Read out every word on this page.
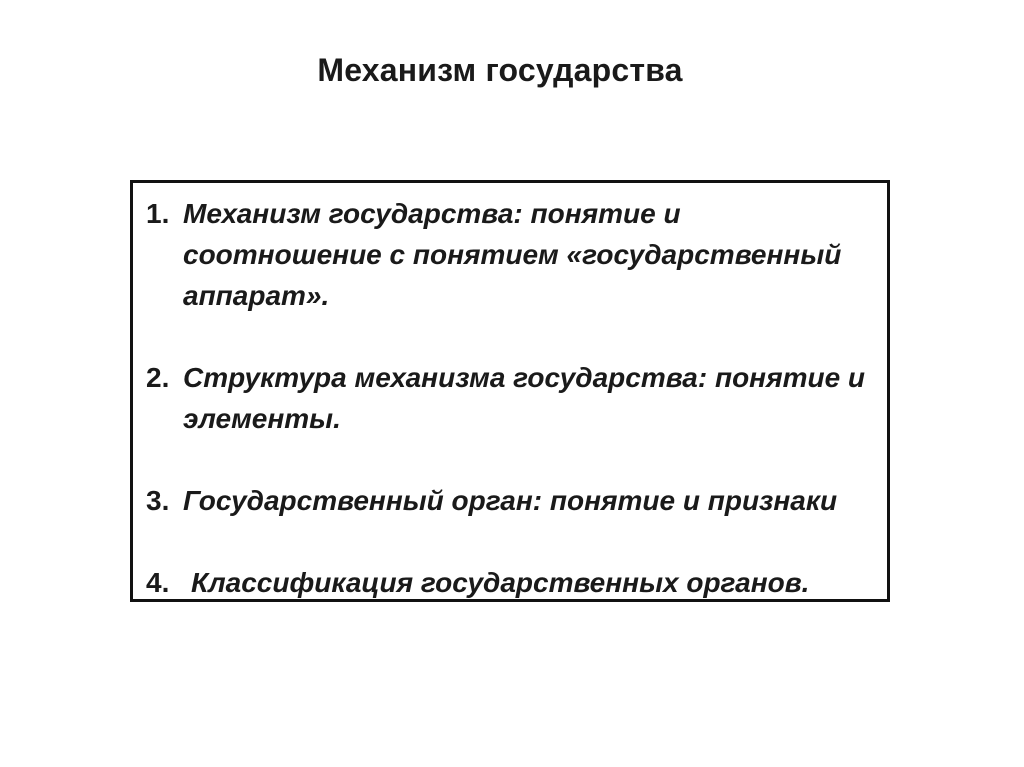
Механизм государства
1. Механизм государства: понятие и соотношение с понятием «государственный аппарат».
2. Структура механизма государства: понятие и элементы.
3. Государственный орган: понятие и признаки
4. Классификация государственных органов.
